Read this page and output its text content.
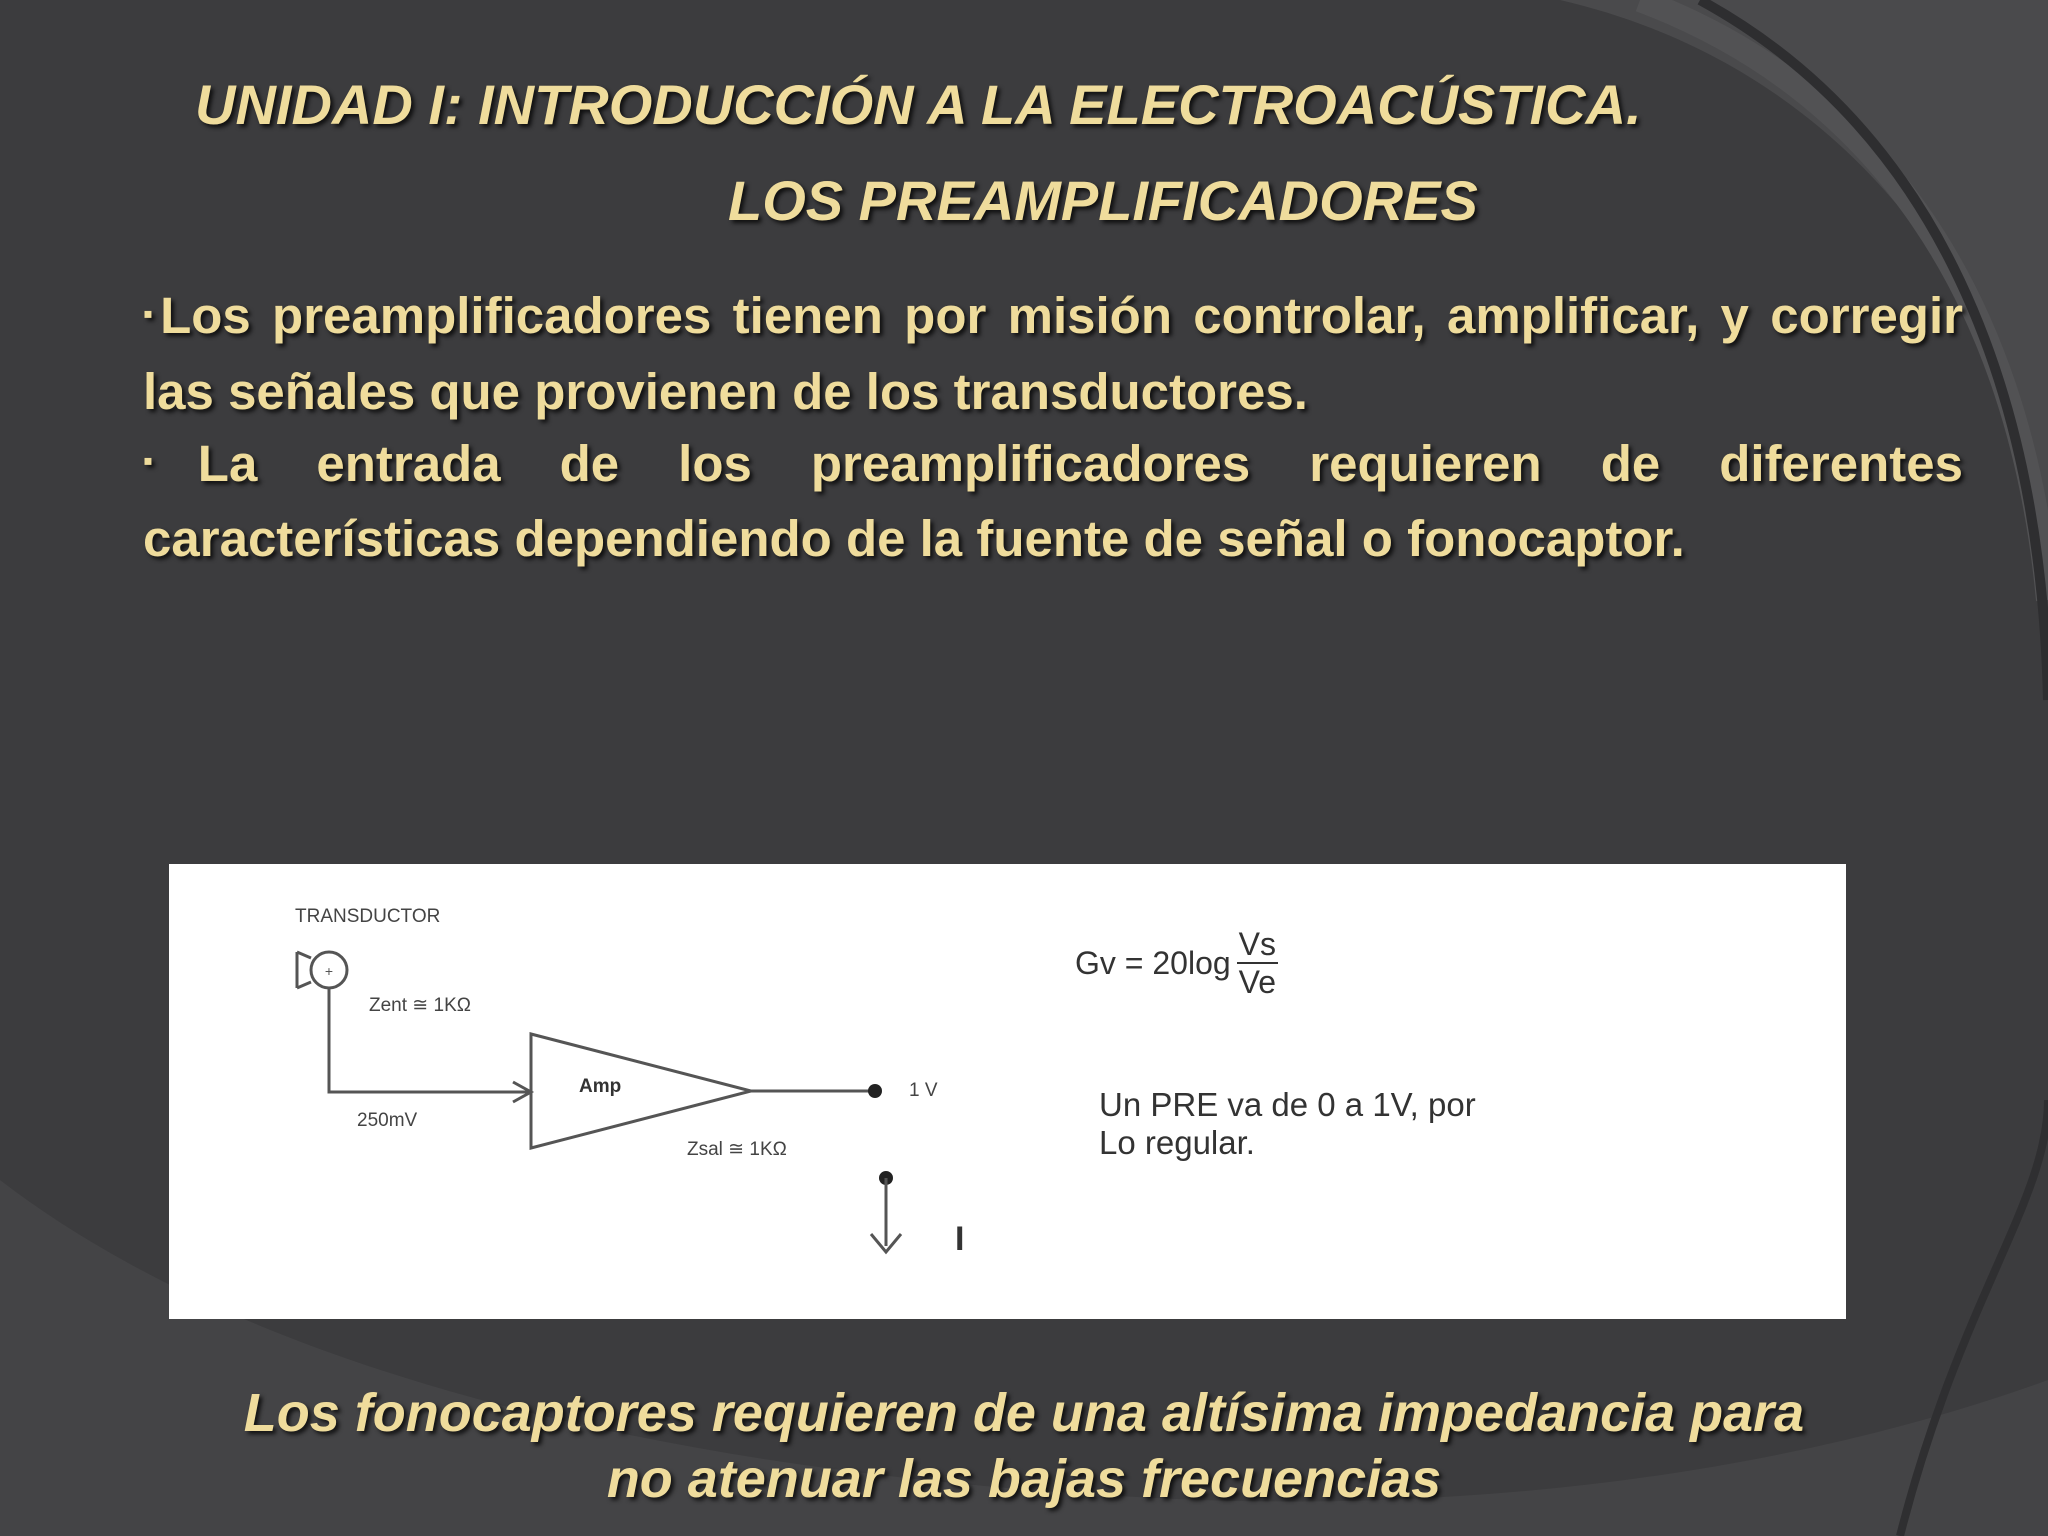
UNIDAD I: INTRODUCCIÓN A LA ELECTROACÚSTICA.
LOS PREAMPLIFICADORES

▪Los preamplificadores tienen por misión controlar, amplificar, y corregir las señales que provienen de los transductores.

▪La entrada de los preamplificadores requieren de diferentes características dependiendo de la fuente de señal o fonocaptor.

+
TRANSDUCTOR
Zent ≅ 1KΩ
250mV
Amp	1 V
Zsal ≅ 1KΩ
I
$Gv = 20\log \frac{Vs}{Ve}$
Un PRE va de 0 a 1V, por
Lo regular.
Los fonocaptores requieren de una altísima impedancia para
no atenuar las bajas frecuencias
